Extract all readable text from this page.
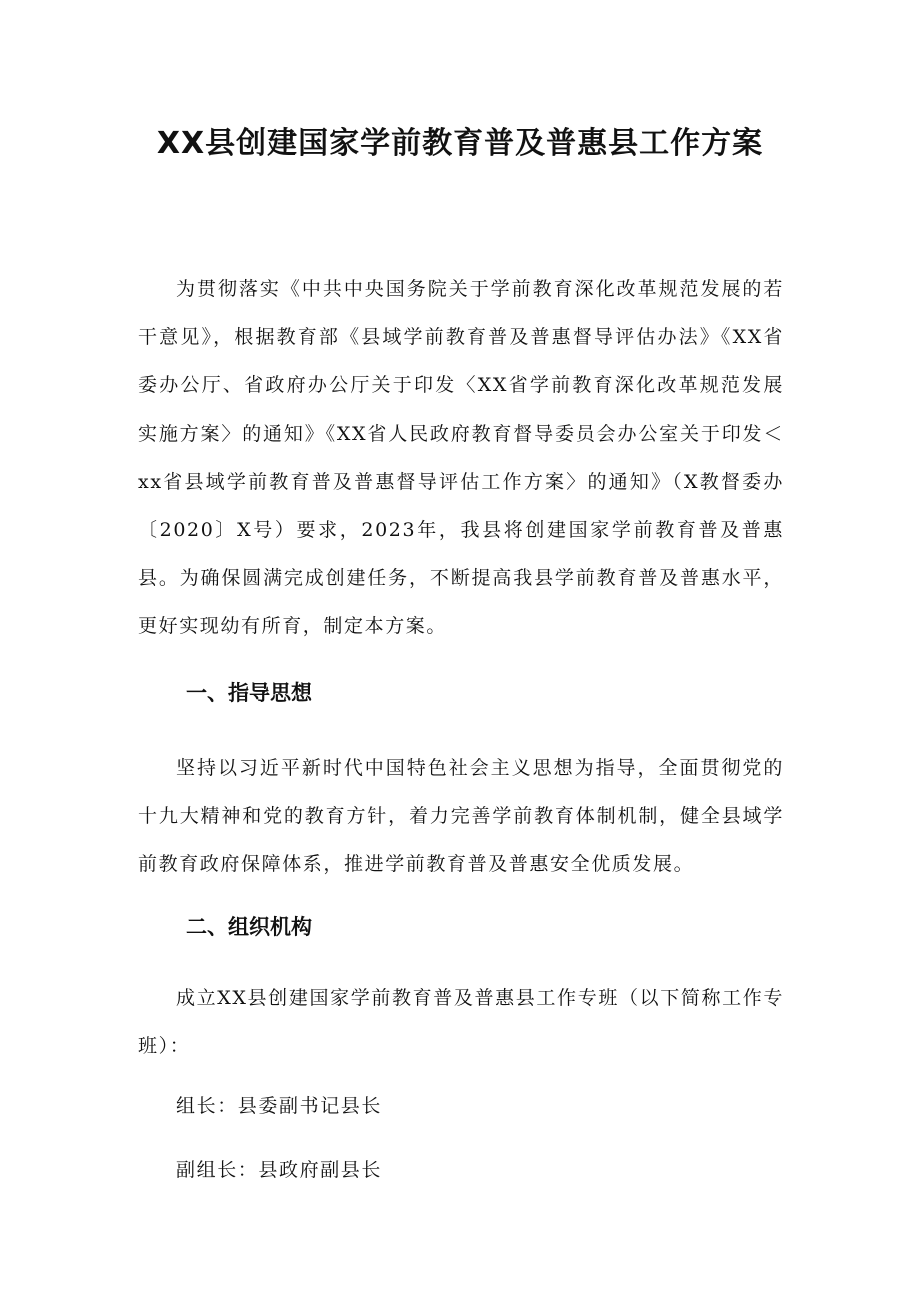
XX县创建国家学前教育普及普惠县工作方案

为贯彻落实《中共中央国务院关于学前教育深化改革规范发展的若干意见》，根据教育部《县域学前教育普及普惠督导评估办法》《XX省委办公厅、省政府办公厅关于印发〈XX省学前教育深化改革规范发展实施方案〉的通知》《XX省人民政府教育督导委员会办公室关于印发＜xx省县域学前教育普及普惠督导评估工作方案〉的通知》（X教督委办〔2020〕X号）要求，2023年，我县将创建国家学前教育普及普惠县。为确保圆满完成创建任务，不断提高我县学前教育普及普惠水平，更好实现幼有所育，制定本方案。

一、指导思想

坚持以习近平新时代中国特色社会主义思想为指导，全面贯彻党的十九大精神和党的教育方针，着力完善学前教育体制机制，健全县域学前教育政府保障体系，推进学前教育普及普惠安全优质发展。

二、组织机构

成立XX县创建国家学前教育普及普惠县工作专班（以下简称工作专班）：

组长：县委副书记县长

副组长：县政府副县长
